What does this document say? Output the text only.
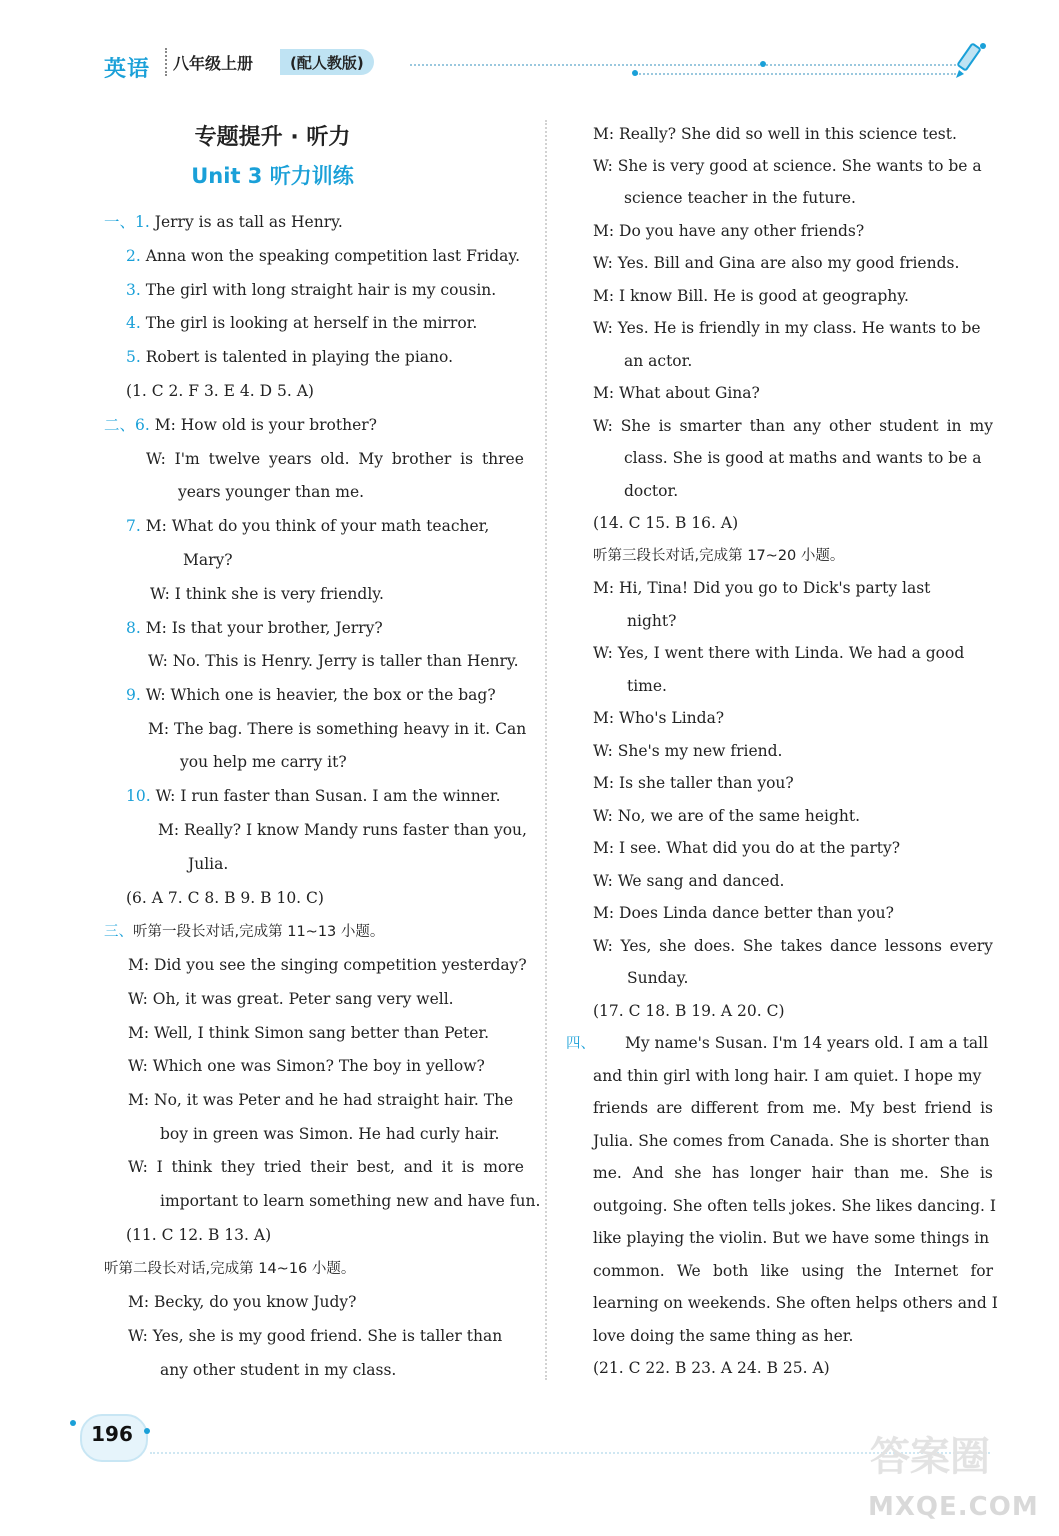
英语	八年级上册	(配人教版)
专题提升 · 听力
Unit 3 听力训练
一、1. Jerry is as tall as Henry.
2. Anna won the speaking competition last Friday.
3. The girl with long straight hair is my cousin.
4. The girl is looking at herself in the mirror.
5. Robert is talented in playing the piano.
(1. C 2. F 3. E 4. D 5. A)
二、6. M: How old is your brother?
W: I'm twelve years old. My brother is three
years younger than me.
7. M: What do you think of your math teacher,
Mary?
W: I think she is very friendly.
8. M: Is that your brother, Jerry?
W: No. This is Henry. Jerry is taller than Henry.
9. W: Which one is heavier, the box or the bag?
M: The bag. There is something heavy in it. Can
you help me carry it?
10. W: I run faster than Susan. I am the winner.
M: Really? I know Mandy runs faster than you,
Julia.
(6. A 7. C 8. B 9. B 10. C)
三、听第一段长对话,完成第 11~13 小题。
M: Did you see the singing competition yesterday?
W: Oh, it was great. Peter sang very well.
M: Well, I think Simon sang better than Peter.
W: Which one was Simon? The boy in yellow?
M: No, it was Peter and he had straight hair. The
boy in green was Simon. He had curly hair.
W: I think they tried their best, and it is more
important to learn something new and have fun.
(11. C 12. B 13. A)
听第二段长对话,完成第 14~16 小题。
M: Becky, do you know Judy?
W: Yes, she is my good friend. She is taller than
any other student in my class.
M: Really? She did so well in this science test.
W: She is very good at science. She wants to be a
science teacher in the future.
M: Do you have any other friends?
W: Yes. Bill and Gina are also my good friends.
M: I know Bill. He is good at geography.
W: Yes. He is friendly in my class. He wants to be
an actor.
M: What about Gina?
W: She is smarter than any other student in my
class. She is good at maths and wants to be a
doctor.
(14. C 15. B 16. A)
听第三段长对话,完成第 17~20 小题。
M: Hi, Tina! Did you go to Dick's party last
night?
W: Yes, I went there with Linda. We had a good
time.
M: Who's Linda?
W: She's my new friend.
M: Is she taller than you?
W: No, we are of the same height.
M: I see. What did you do at the party?
W: We sang and danced.
M: Does Linda dance better than you?
W: Yes, she does. She takes dance lessons every
Sunday.
(17. C 18. B 19. A 20. C)
四、 My name's Susan. I'm 14 years old. I am a tall
and thin girl with long hair. I am quiet. I hope my
friends are different from me. My best friend is
Julia. She comes from Canada. She is shorter than
me. And she has longer hair than me. She is
outgoing. She often tells jokes. She likes dancing. I
like playing the violin. But we have some things in
common. We both like using the Internet for
learning on weekends. She often helps others and I
love doing the same thing as her.
(21. C 22. B 23. A 24. B 25. A)
196	答案圈
MXQE.COM
